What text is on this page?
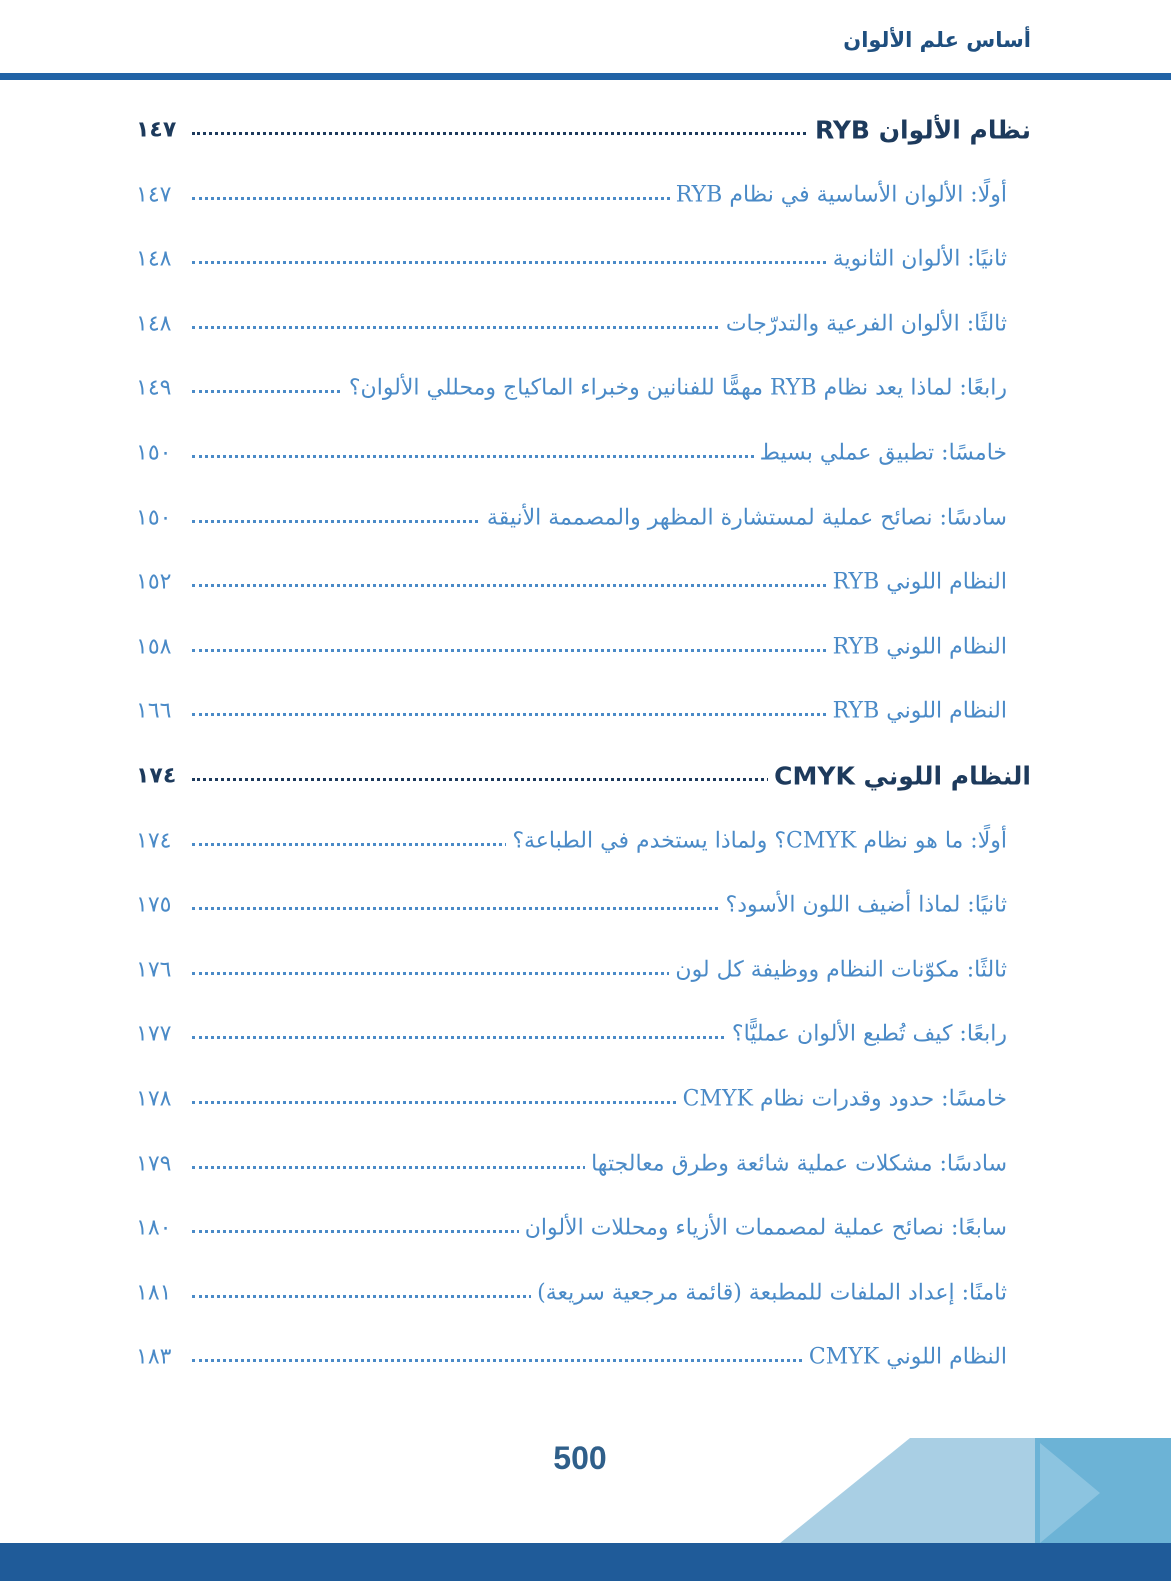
أساس علم الألوان
نظام الألوان RYB
١٤٧
أولًا: الألوان الأساسية في نظام RYB
١٤٧
ثانيًا: الألوان الثانوية
١٤٨
ثالثًا: الألوان الفرعية والتدرّجات
١٤٨
رابعًا: لماذا يعد نظام RYB مهمًّا للفنانين وخبراء الماكياج ومحللي الألوان؟
١٤٩
خامسًا: تطبيق عملي بسيط
١٥٠
سادسًا: نصائح عملية لمستشارة المظهر والمصممة الأنيقة
١٥٠
النظام اللوني RYB
١٥٢
النظام اللوني RYB
١٥٨
النظام اللوني RYB
١٦٦
النظام اللوني CMYK
١٧٤
أولًا: ما هو نظام CMYK؟ ولماذا يستخدم في الطباعة؟
١٧٤
ثانيًا: لماذا أضيف اللون الأسود؟
١٧٥
ثالثًا: مكوّنات النظام ووظيفة كل لون
١٧٦
رابعًا: كيف تُطبع الألوان عمليًّا؟
١٧٧
خامسًا: حدود وقدرات نظام CMYK
١٧٨
سادسًا: مشكلات عملية شائعة وطرق معالجتها
١٧٩
سابعًا: نصائح عملية لمصممات الأزياء ومحللات الألوان
١٨٠
ثامنًا: إعداد الملفات للمطبعة (قائمة مرجعية سريعة)
١٨١
النظام اللوني CMYK
١٨٣
500
